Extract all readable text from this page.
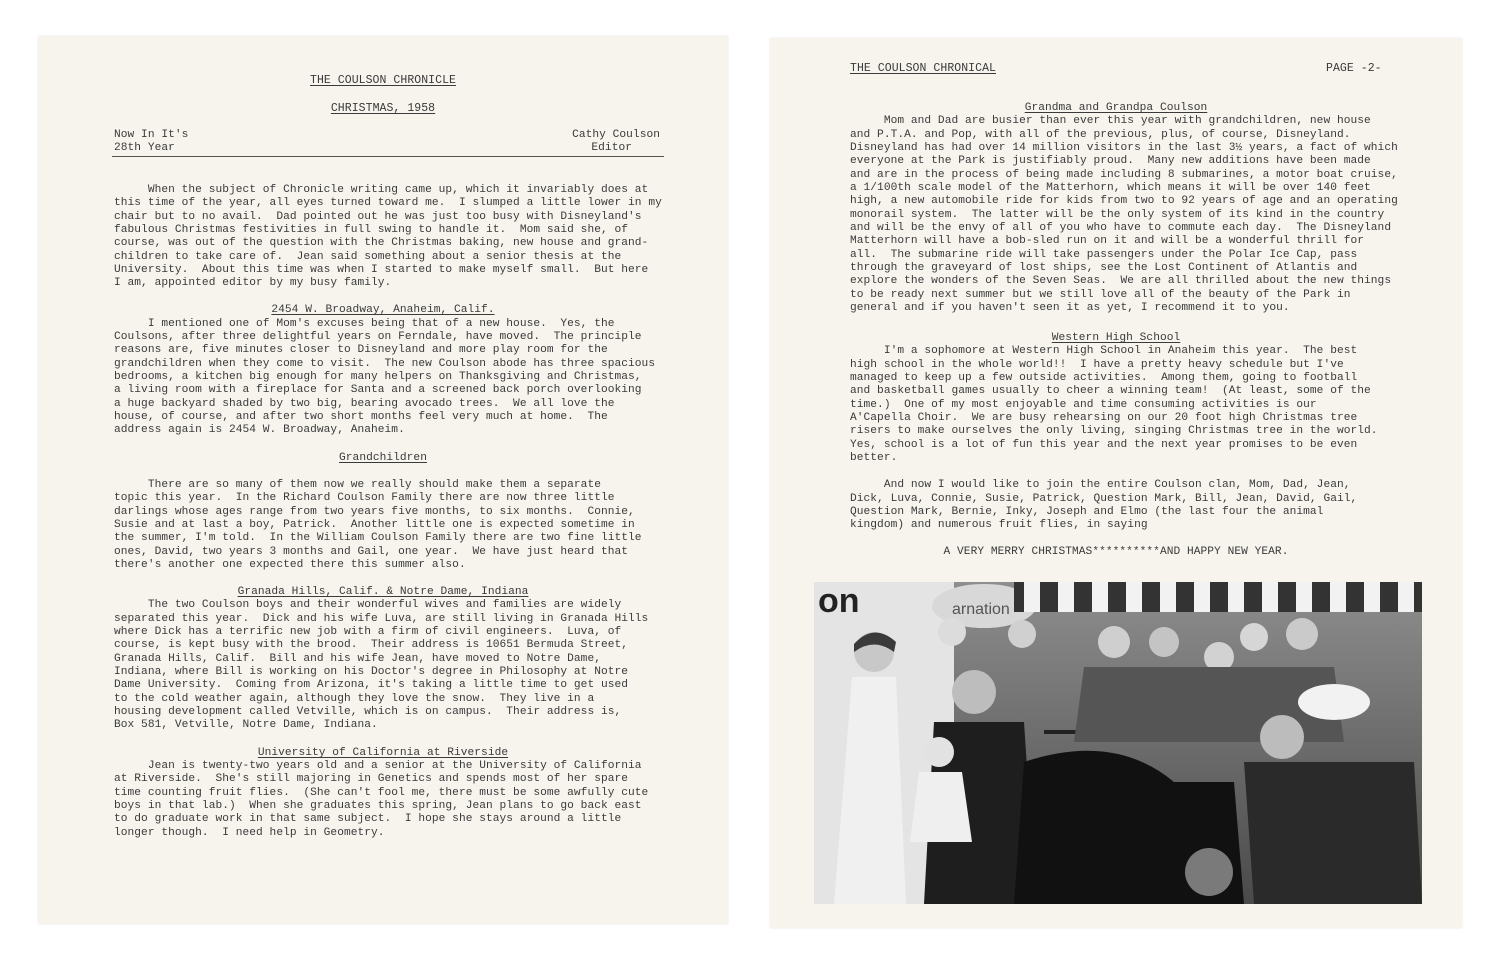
THE COULSON CHRONICLE
CHRISTMAS, 1958
Now In It's
28th Year
Cathy Coulson
Editor
When the subject of Chronicle writing came up, which it invariably does at
this time of the year, all eyes turned toward me.  I slumped a little lower in my
chair but to no avail.  Dad pointed out he was just too busy with Disneyland's
fabulous Christmas festivities in full swing to handle it.  Mom said she, of
course, was out of the question with the Christmas baking, new house and grand-
children to take care of.  Jean said something about a senior thesis at the
University.  About this time was when I started to make myself small.  But here
I am, appointed editor by my busy family.
2454 W. Broadway, Anaheim, Calif.
I mentioned one of Mom's excuses being that of a new house.  Yes, the
Coulsons, after three delightful years on Ferndale, have moved.  The principle
reasons are, five minutes closer to Disneyland and more play room for the
grandchildren when they come to visit.  The new Coulson abode has three spacious
bedrooms, a kitchen big enough for many helpers on Thanksgiving and Christmas,
a living room with a fireplace for Santa and a screened back porch overlooking
a huge backyard shaded by two big, bearing avocado trees.  We all love the
house, of course, and after two short months feel very much at home.  The
address again is 2454 W. Broadway, Anaheim.
Grandchildren
There are so many of them now we really should make them a separate
topic this year.  In the Richard Coulson Family there are now three little
darlings whose ages range from two years five months, to six months.  Connie,
Susie and at last a boy, Patrick.  Another little one is expected sometime in
the summer, I'm told.  In the William Coulson Family there are two fine little
ones, David, two years 3 months and Gail, one year.  We have just heard that
there's another one expected there this summer also.
Granada Hills, Calif. & Notre Dame, Indiana
The two Coulson boys and their wonderful wives and families are widely
separated this year.  Dick and his wife Luva, are still living in Granada Hills
where Dick has a terrific new job with a firm of civil engineers.  Luva, of
course, is kept busy with the brood.  Their address is 10651 Bermuda Street,
Granada Hills, Calif.  Bill and his wife Jean, have moved to Notre Dame,
Indiana, where Bill is working on his Doctor's degree in Philosophy at Notre
Dame University.  Coming from Arizona, it's taking a little time to get used
to the cold weather again, although they love the snow.  They live in a
housing development called Vetville, which is on campus.  Their address is,
Box 581, Vetville, Notre Dame, Indiana.
University of California at Riverside
Jean is twenty-two years old and a senior at the University of California
at Riverside.  She's still majoring in Genetics and spends most of her spare
time counting fruit flies.  (She can't fool me, there must be some awfully cute
boys in that lab.)  When she graduates this spring, Jean plans to go back east
to do graduate work in that same subject.  I hope she stays around a little
longer though.  I need help in Geometry.
THE COULSON CHRONICAL	PAGE -2-
Grandma and Grandpa Coulson
Mom and Dad are busier than ever this year with grandchildren, new house
and P.T.A. and Pop, with all of the previous, plus, of course, Disneyland.
Disneyland has had over 14 million visitors in the last 3½ years, a fact of which
everyone at the Park is justifiably proud.  Many new additions have been made
and are in the process of being made including 8 submarines, a motor boat cruise,
a 1/100th scale model of the Matterhorn, which means it will be over 140 feet
high, a new automobile ride for kids from two to 92 years of age and an operating
monorail system.  The latter will be the only system of its kind in the country
and will be the envy of all of you who have to commute each day.  The Disneyland
Matterhorn will have a bob-sled run on it and will be a wonderful thrill for
all.  The submarine ride will take passengers under the Polar Ice Cap, pass
through the graveyard of lost ships, see the Lost Continent of Atlantis and
explore the wonders of the Seven Seas.  We are all thrilled about the new things
to be ready next summer but we still love all of the beauty of the Park in
general and if you haven't seen it as yet, I recommend it to you.
Western High School
I'm a sophomore at Western High School in Anaheim this year.  The best
high school in the whole world!!  I have a pretty heavy schedule but I've
managed to keep up a few outside activities.  Among them, going to football
and basketball games usually to cheer a winning team!  (At least, some of the
time.)  One of my most enjoyable and time consuming activities is our
A'Capella Choir.  We are busy rehearsing on our 20 foot high Christmas tree
risers to make ourselves the only living, singing Christmas tree in the world.
Yes, school is a lot of fun this year and the next year promises to be even
better.
And now I would like to join the entire Coulson clan, Mom, Dad, Jean,
Dick, Luva, Connie, Susie, Patrick, Question Mark, Bill, Jean, David, Gail,
Question Mark, Bernie, Inky, Joseph and Elmo (the last four the animal
kingdom) and numerous fruit flies, in saying
A VERY MERRY CHRISTMAS**********AND HAPPY NEW YEAR.
on	arnation
